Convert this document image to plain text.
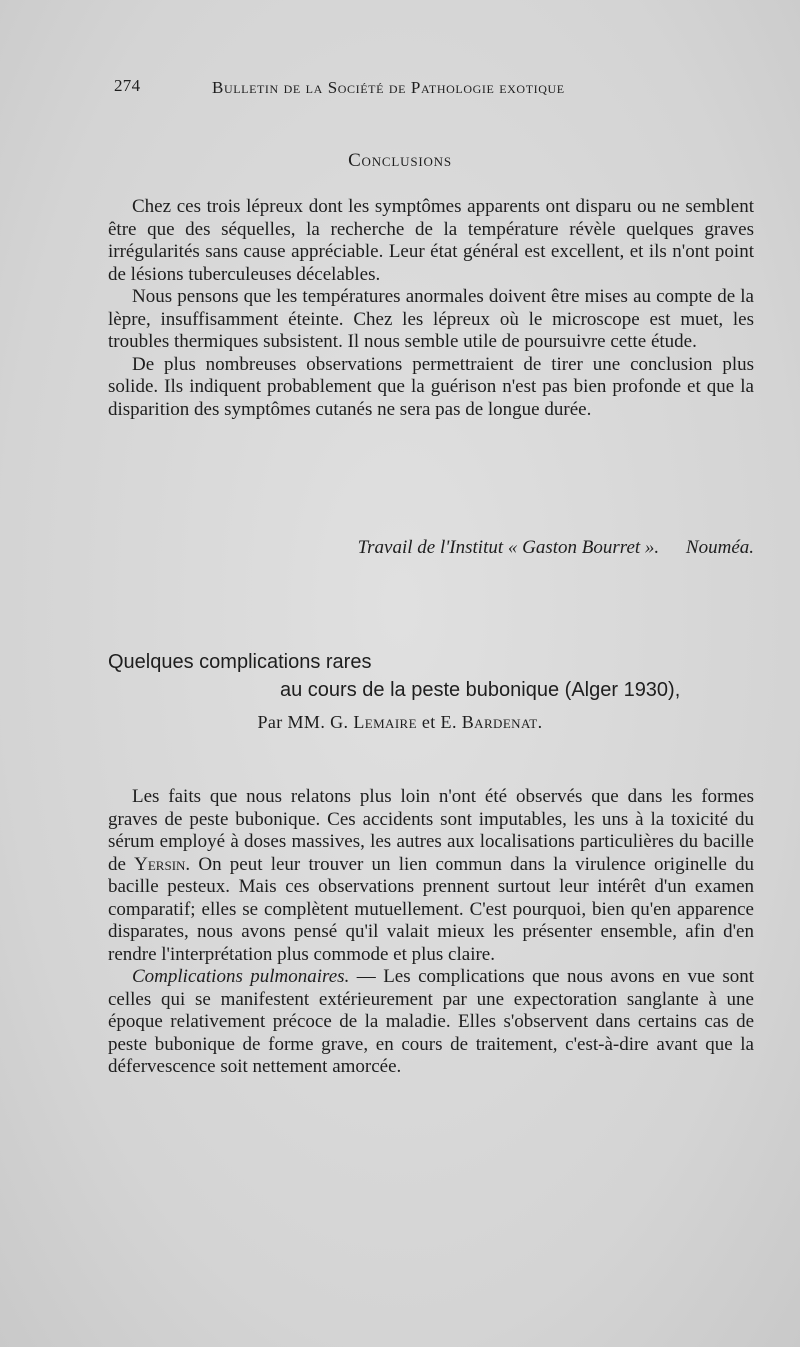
274	Bulletin de la Société de Pathologie exotique
Conclusions

Chez ces trois lépreux dont les symptômes apparents ont disparu ou ne semblent être que des séquelles, la recherche de la température révèle quelques graves irrégularités sans cause appréciable. Leur état général est excellent, et ils n'ont point de lésions tuberculeuses décelables.

Nous pensons que les températures anormales doivent être mises au compte de la lèpre, insuffisamment éteinte. Chez les lépreux où le microscope est muet, les troubles thermiques subsistent. Il nous semble utile de poursuivre cette étude.

De plus nombreuses observations permettraient de tirer une conclusion plus solide. Ils indiquent probablement que la guérison n'est pas bien profonde et que la disparition des symptômes cutanés ne sera pas de longue durée.

Travail de l'Institut « Gaston Bourret ». Nouméa.
Quelques complications rares
au cours de la peste bubonique (Alger 1930),
Par MM. G. Lemaire et E. Bardenat.

Les faits que nous relatons plus loin n'ont été observés que dans les formes graves de peste bubonique. Ces accidents sont imputables, les uns à la toxicité du sérum employé à doses massives, les autres aux localisations particulières du bacille de Yersin. On peut leur trouver un lien commun dans la virulence originelle du bacille pesteux. Mais ces observations prennent surtout leur intérêt d'un examen comparatif; elles se complètent mutuellement. C'est pourquoi, bien qu'en apparence disparates, nous avons pensé qu'il valait mieux les présenter ensemble, afin d'en rendre l'interprétation plus commode et plus claire.

Complications pulmonaires. — Les complications que nous avons en vue sont celles qui se manifestent extérieurement par une expectoration sanglante à une époque relativement précoce de la maladie. Elles s'observent dans certains cas de peste bubonique de forme grave, en cours de traitement, c'est-à-dire avant que la défervescence soit nettement amorcée.
